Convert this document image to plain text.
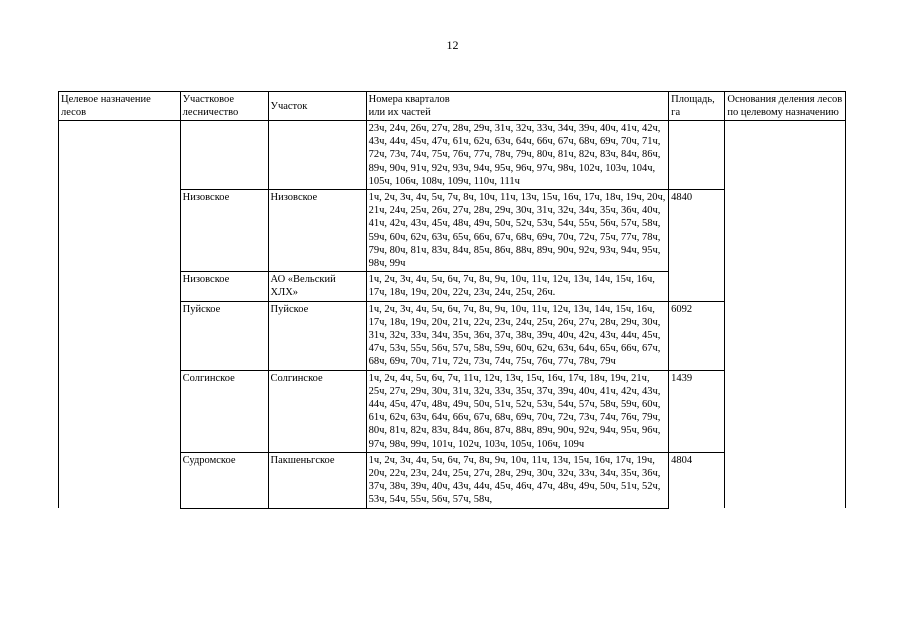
12
Целевое назначение лесов	Участковое лесничество	Участок	Номера кварталов
или их частей	Площадь, га	Основания деления лесов по целевому назначению
			23ч, 24ч, 26ч, 27ч, 28ч, 29ч, 31ч, 32ч, 33ч, 34ч, 39ч, 40ч, 41ч, 42ч, 43ч, 44ч, 45ч, 47ч, 61ч, 62ч, 63ч, 64ч, 66ч, 67ч, 68ч, 69ч, 70ч, 71ч, 72ч, 73ч, 74ч, 75ч, 76ч, 77ч, 78ч, 79ч, 80ч, 81ч, 82ч, 83ч, 84ч, 86ч, 89ч, 90ч, 91ч, 92ч, 93ч, 94ч, 95ч, 96ч, 97ч, 98ч, 102ч, 103ч, 104ч, 105ч, 106ч, 108ч, 109ч, 110ч, 111ч		
	Низовское	Низовское	1ч, 2ч, 3ч, 4ч, 5ч, 7ч, 8ч, 10ч, 11ч, 13ч, 15ч, 16ч, 17ч, 18ч, 19ч, 20ч, 21ч, 24ч, 25ч, 26ч, 27ч, 28ч, 29ч, 30ч, 31ч, 32ч, 34ч, 35ч, 36ч, 40ч, 41ч, 42ч, 43ч, 45ч, 48ч, 49ч, 50ч, 52ч, 53ч, 54ч, 55ч, 56ч, 57ч, 58ч, 59ч, 60ч, 62ч, 63ч, 65ч, 66ч, 67ч, 68ч, 69ч, 70ч, 72ч, 75ч, 77ч, 78ч, 79ч, 80ч, 81ч, 83ч, 84ч, 85ч, 86ч, 88ч, 89ч, 90ч, 92ч, 93ч, 94ч, 95ч, 98ч, 99ч	4840	
	Низовское	АО «Вельский ХЛХ»	1ч, 2ч, 3ч, 4ч, 5ч, 6ч, 7ч, 8ч, 9ч, 10ч, 11ч, 12ч, 13ч, 14ч, 15ч, 16ч, 17ч, 18ч, 19ч, 20ч, 22ч, 23ч, 24ч, 25ч, 26ч.		
	Пуйское	Пуйское	1ч, 2ч, 3ч, 4ч, 5ч, 6ч, 7ч, 8ч, 9ч, 10ч, 11ч, 12ч, 13ч, 14ч, 15ч, 16ч, 17ч, 18ч, 19ч, 20ч, 21ч, 22ч, 23ч, 24ч, 25ч, 26ч, 27ч, 28ч, 29ч, 30ч, 31ч, 32ч, 33ч, 34ч, 35ч, 36ч, 37ч, 38ч, 39ч, 40ч, 42ч, 43ч, 44ч, 45ч, 47ч, 53ч, 55ч, 56ч, 57ч, 58ч, 59ч, 60ч, 62ч, 63ч, 64ч, 65ч, 66ч, 67ч, 68ч, 69ч, 70ч, 71ч, 72ч, 73ч, 74ч, 75ч, 76ч, 77ч, 78ч, 79ч	6092	
	Солгинское	Солгинское	1ч, 2ч, 4ч, 5ч, 6ч, 7ч, 11ч, 12ч, 13ч, 15ч, 16ч, 17ч, 18ч, 19ч, 21ч, 25ч, 27ч, 29ч, 30ч, 31ч, 32ч, 33ч, 35ч, 37ч, 39ч, 40ч, 41ч, 42ч, 43ч, 44ч, 45ч, 47ч, 48ч, 49ч, 50ч, 51ч, 52ч, 53ч, 54ч, 57ч, 58ч, 59ч, 60ч, 61ч, 62ч, 63ч, 64ч, 66ч, 67ч, 68ч, 69ч, 70ч, 72ч, 73ч, 74ч, 76ч, 79ч, 80ч, 81ч, 82ч, 83ч, 84ч, 86ч, 87ч, 88ч, 89ч, 90ч, 92ч, 94ч, 95ч, 96ч, 97ч, 98ч, 99ч, 101ч, 102ч, 103ч, 105ч, 106ч, 109ч	1439	
	Судромское	Пакшеньгское	1ч, 2ч, 3ч, 4ч, 5ч, 6ч, 7ч, 8ч, 9ч, 10ч, 11ч, 13ч, 15ч, 16ч, 17ч, 19ч, 20ч, 22ч, 23ч, 24ч, 25ч, 27ч, 28ч, 29ч, 30ч, 32ч, 33ч, 34ч, 35ч, 36ч, 37ч, 38ч, 39ч, 40ч, 43ч, 44ч, 45ч, 46ч, 47ч, 48ч, 49ч, 50ч, 51ч, 52ч, 53ч, 54ч, 55ч, 56ч, 57ч, 58ч,	4804	
